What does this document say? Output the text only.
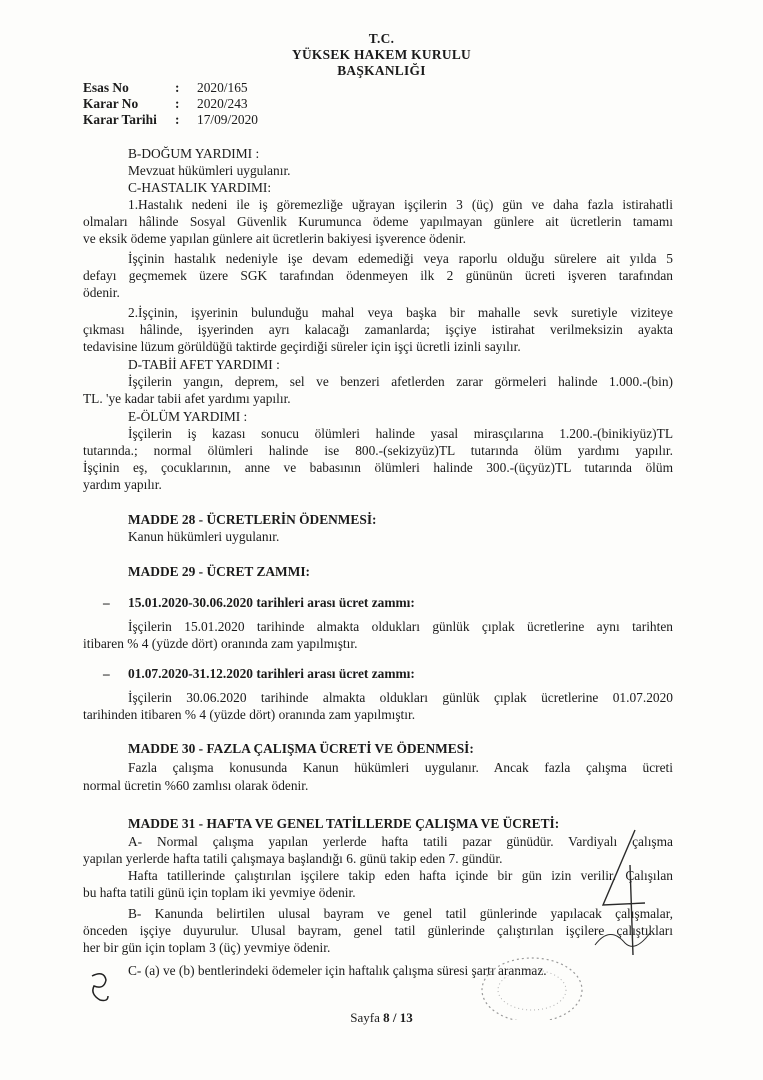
T.C.
YÜKSEK HAKEM KURULU
BAŞKANLIĞI
Esas No	: 2020/165
Karar No	: 2020/243
Karar Tarihi : 17/09/2020
B-DOĞUM YARDIMI :
Mevzuat hükümleri uygulanır.
C-HASTALIK YARDIMI:
1.Hastalık nedeni ile iş göremezliğe uğrayan işçilerin 3 (üç) gün ve daha fazla istirahatli
olmaları hâlinde Sosyal Güvenlik Kurumunca ödeme yapılmayan günlere ait ücretlerin tamamı
ve eksik ödeme yapılan günlere ait ücretlerin bakiyesi işverence ödenir.
İşçinin hastalık nedeniyle işe devam edemediği veya raporlu olduğu sürelere ait yılda 5
defayı geçmemek üzere SGK tarafından ödenmeyen ilk 2 gününün ücreti işveren tarafından
ödenir.
2.İşçinin, işyerinin bulunduğu mahal veya başka bir mahalle sevk suretiyle viziteye
çıkması hâlinde, işyerinden ayrı kalacağı zamanlarda; işçiye istirahat verilmeksizin ayakta
tedavisine lüzum görüldüğü taktirde geçirdiği süreler için işçi ücretli izinli sayılır.
D-TABİİ AFET YARDIMI :
İşçilerin yangın, deprem, sel ve benzeri afetlerden zarar görmeleri halinde 1.000.-(bin)
TL. 'ye kadar tabii afet yardımı yapılır.
E-ÖLÜM YARDIMI :
İşçilerin iş kazası sonucu ölümleri halinde yasal mirasçılarına 1.200.-(binikiyüz)TL
tutarında.; normal ölümleri halinde ise 800.-(sekizyüz)TL tutarında ölüm yardımı yapılır.
İşçinin eş, çocuklarının, anne ve babasının ölümleri halinde 300.-(üçyüz)TL tutarında ölüm
yardım yapılır.
MADDE 28 - ÜCRETLERİN ÖDENMESİ:
Kanun hükümleri uygulanır.
MADDE 29 - ÜCRET ZAMMI:
– 15.01.2020-30.06.2020 tarihleri arası ücret zammı:
İşçilerin 15.01.2020 tarihinde almakta oldukları günlük çıplak ücretlerine aynı tarihten
itibaren % 4 (yüzde dört) oranında zam yapılmıştır.
– 01.07.2020-31.12.2020 tarihleri arası ücret zammı:
İşçilerin 30.06.2020 tarihinde almakta oldukları günlük çıplak ücretlerine 01.07.2020
tarihinden itibaren % 4 (yüzde dört) oranında zam yapılmıştır.
MADDE 30 - FAZLA ÇALIŞMA ÜCRETİ VE ÖDENMESİ:
Fazla çalışma konusunda Kanun hükümleri uygulanır. Ancak fazla çalışma ücreti
normal ücretin %60 zamlısı olarak ödenir.
MADDE 31 - HAFTA VE GENEL TATİLLERDE ÇALIŞMA VE ÜCRETİ:
A- Normal çalışma yapılan yerlerde hafta tatili pazar günüdür. Vardiyalı çalışma
yapılan yerlerde hafta tatili çalışmaya başlandığı 6. günü takip eden 7. gündür.
Hafta tatillerinde çalıştırılan işçilere takip eden hafta içinde bir gün izin verilir. Çalışılan
bu hafta tatili günü için toplam iki yevmiye ödenir.
B- Kanunda belirtilen ulusal bayram ve genel tatil günlerinde yapılacak çalışmalar,
önceden işçiye duyurulur. Ulusal bayram, genel tatil günlerinde çalıştırılan işçilere çalıştıkları
her bir gün için toplam 3 (üç) yevmiye ödenir.
C- (a) ve (b) bentlerindeki ödemeler için haftalık çalışma süresi şartı aranmaz.
Sayfa 8 / 13
